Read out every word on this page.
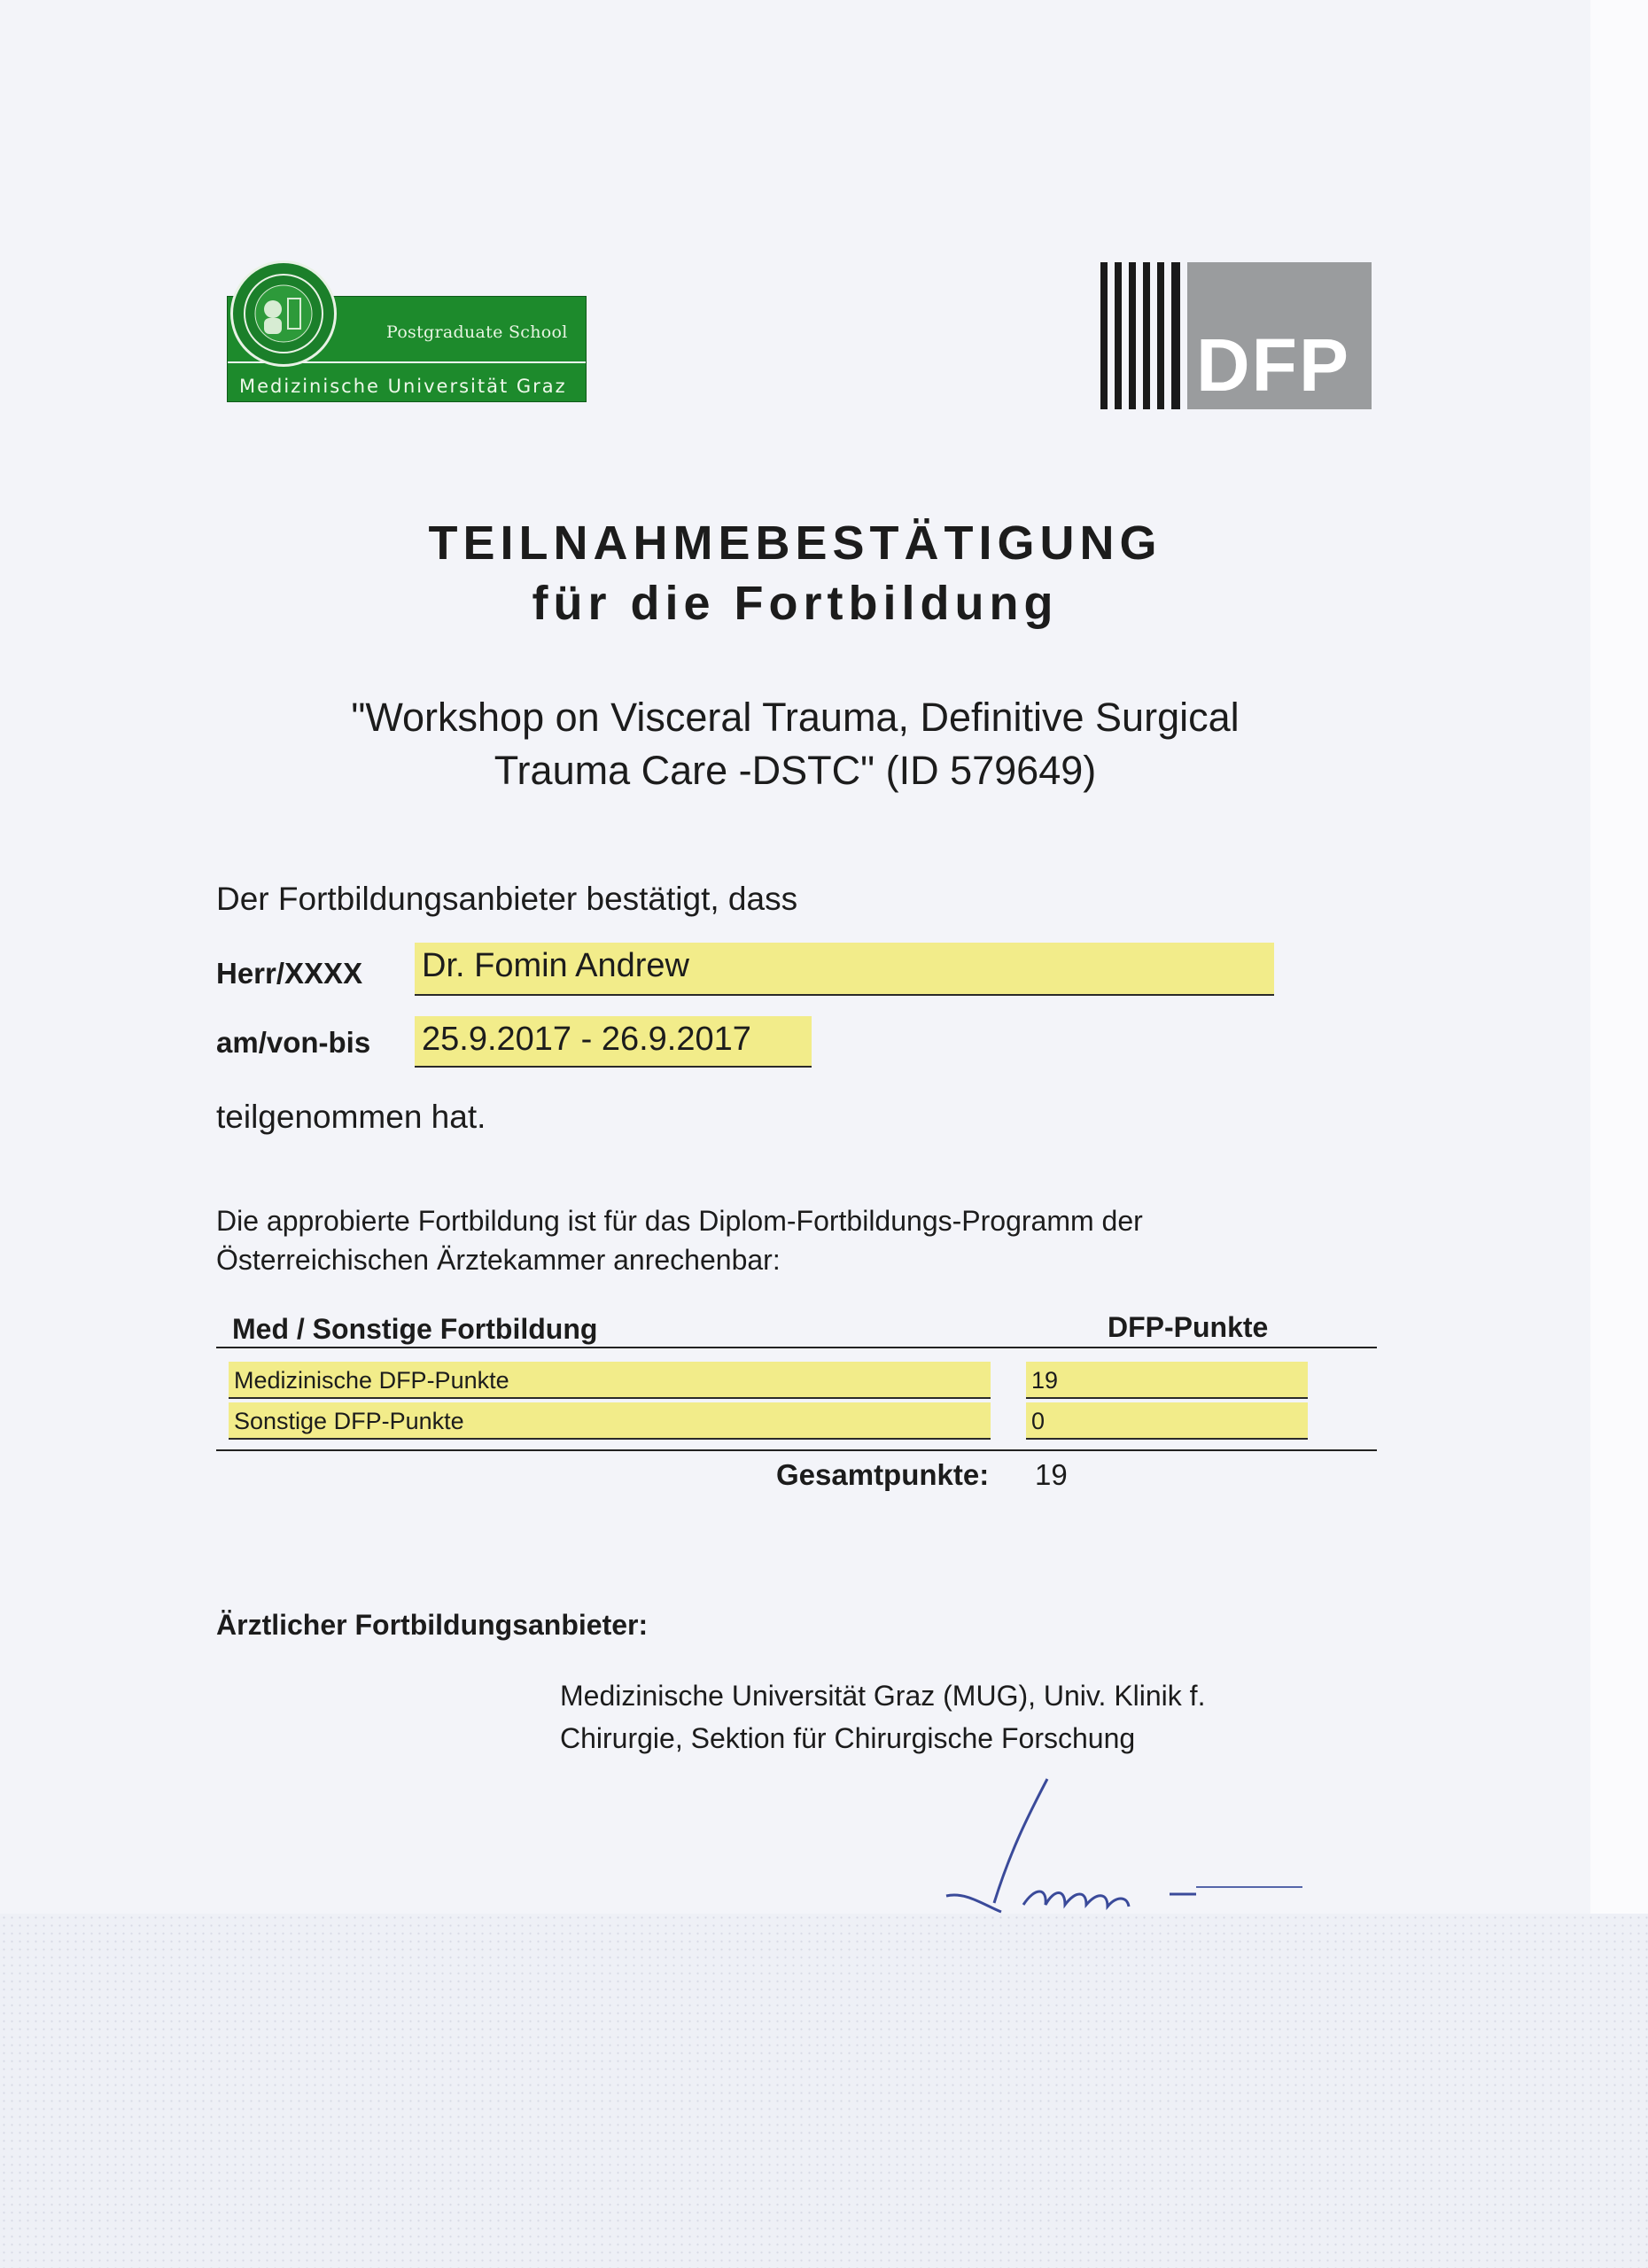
Postgraduate School
Medizinische Universität Graz	DFP
TEILNAHMEBESTÄTIGUNG
für die Fortbildung
"Workshop on Visceral Trauma, Definitive Surgical
Trauma Care -DSTC" (ID 579649)
Der Fortbildungsanbieter bestätigt, dass
Herr/XXXX Dr. Fomin Andrew
am/von-bis 25.9.2017 - 26.9.2017
teilgenommen hat.
Die approbierte Fortbildung ist für das Diplom-Fortbildungs-Programm der
Österreichischen Ärztekammer anrechenbar:
Med / Sonstige Fortbildung	DFP-Punkte
Medizinische DFP-Punkte	19
Sonstige DFP-Punkte	0
Gesamtpunkte: 19
Ärztlicher Fortbildungsanbieter:
Medizinische Universität Graz (MUG), Univ. Klinik f.
Chirurgie, Sektion für Chirurgische Forschung
